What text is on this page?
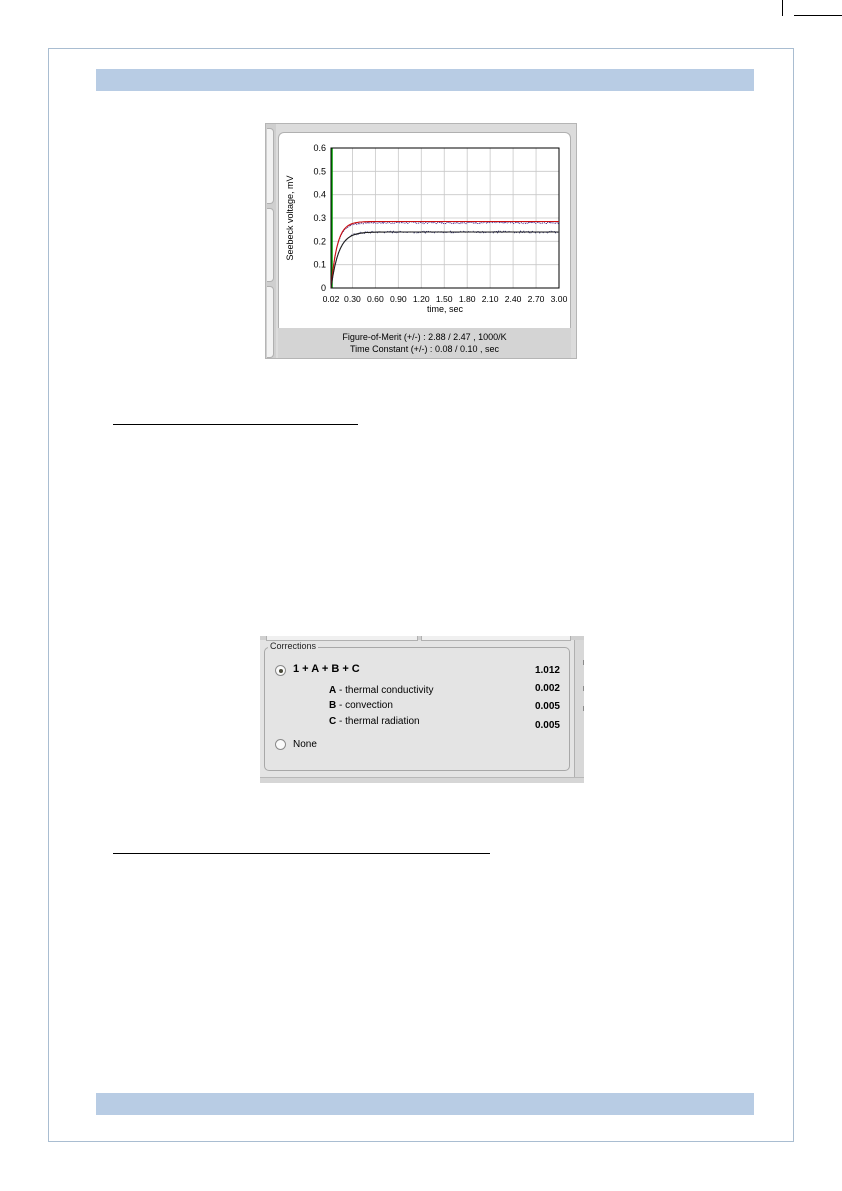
0
0.1
0.2
0.3
0.4
0.5
0.6
0.02 0.30 0.60 0.90 1.20 1.50 1.80 2.10 2.40 2.70 3.00
Seebeck voltage, mV
time, sec
Figure-of-Merit (+/-) : 2.88 / 2.47 , 1000/K
Time Constant (+/-) : 0.08 / 0.10 , sec
Corrections
1 + A + B + C	1.012
A - thermal conductivity	0.002
B - convection	0.005
C - thermal radiation	0.005
None
